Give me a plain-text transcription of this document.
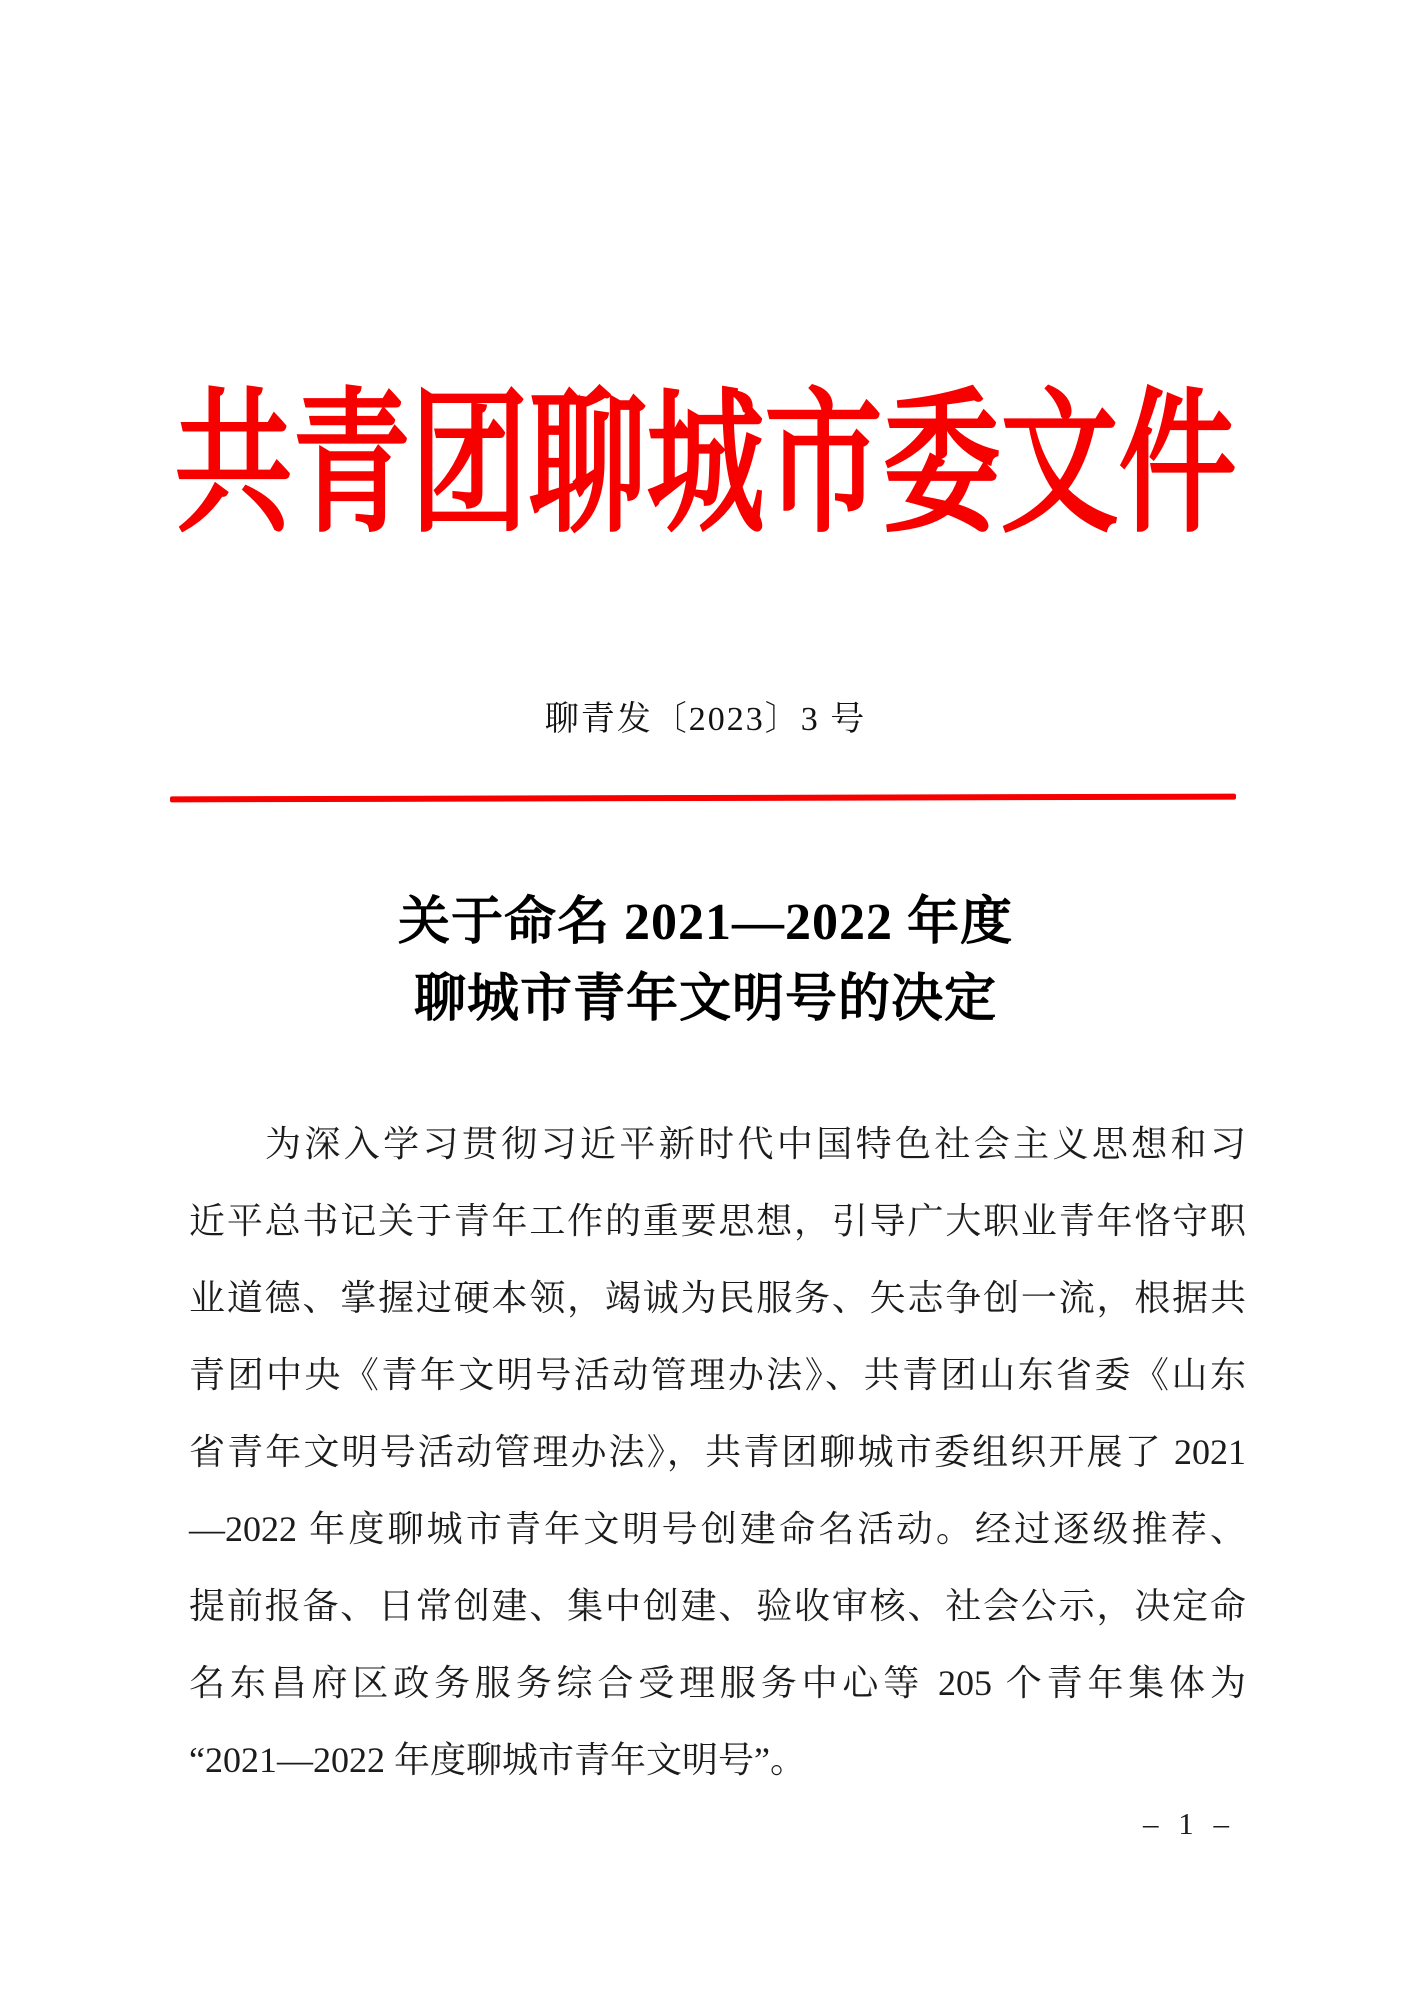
共青团聊城市委文件
聊青发〔2023〕3 号
关于命名 2021—2022 年度
聊城市青年文明号的决定
为深入学习贯彻习近平新时代中国特色社会主义思想和习
近平总书记关于青年工作的重要思想，引导广大职业青年恪守职
业道德、掌握过硬本领，竭诚为民服务、矢志争创一流，根据共
青团中央《青年文明号活动管理办法》、共青团山东省委《山东
省青年文明号活动管理办法》，共青团聊城市委组织开展了 2021
—2022 年度聊城市青年文明号创建命名活动。经过逐级推荐、
提前报备、日常创建、集中创建、验收审核、社会公示，决定命
名东昌府区政务服务综合受理服务中心等 205 个青年集体为
“2021—2022 年度聊城市青年文明号”。
– 1 –
